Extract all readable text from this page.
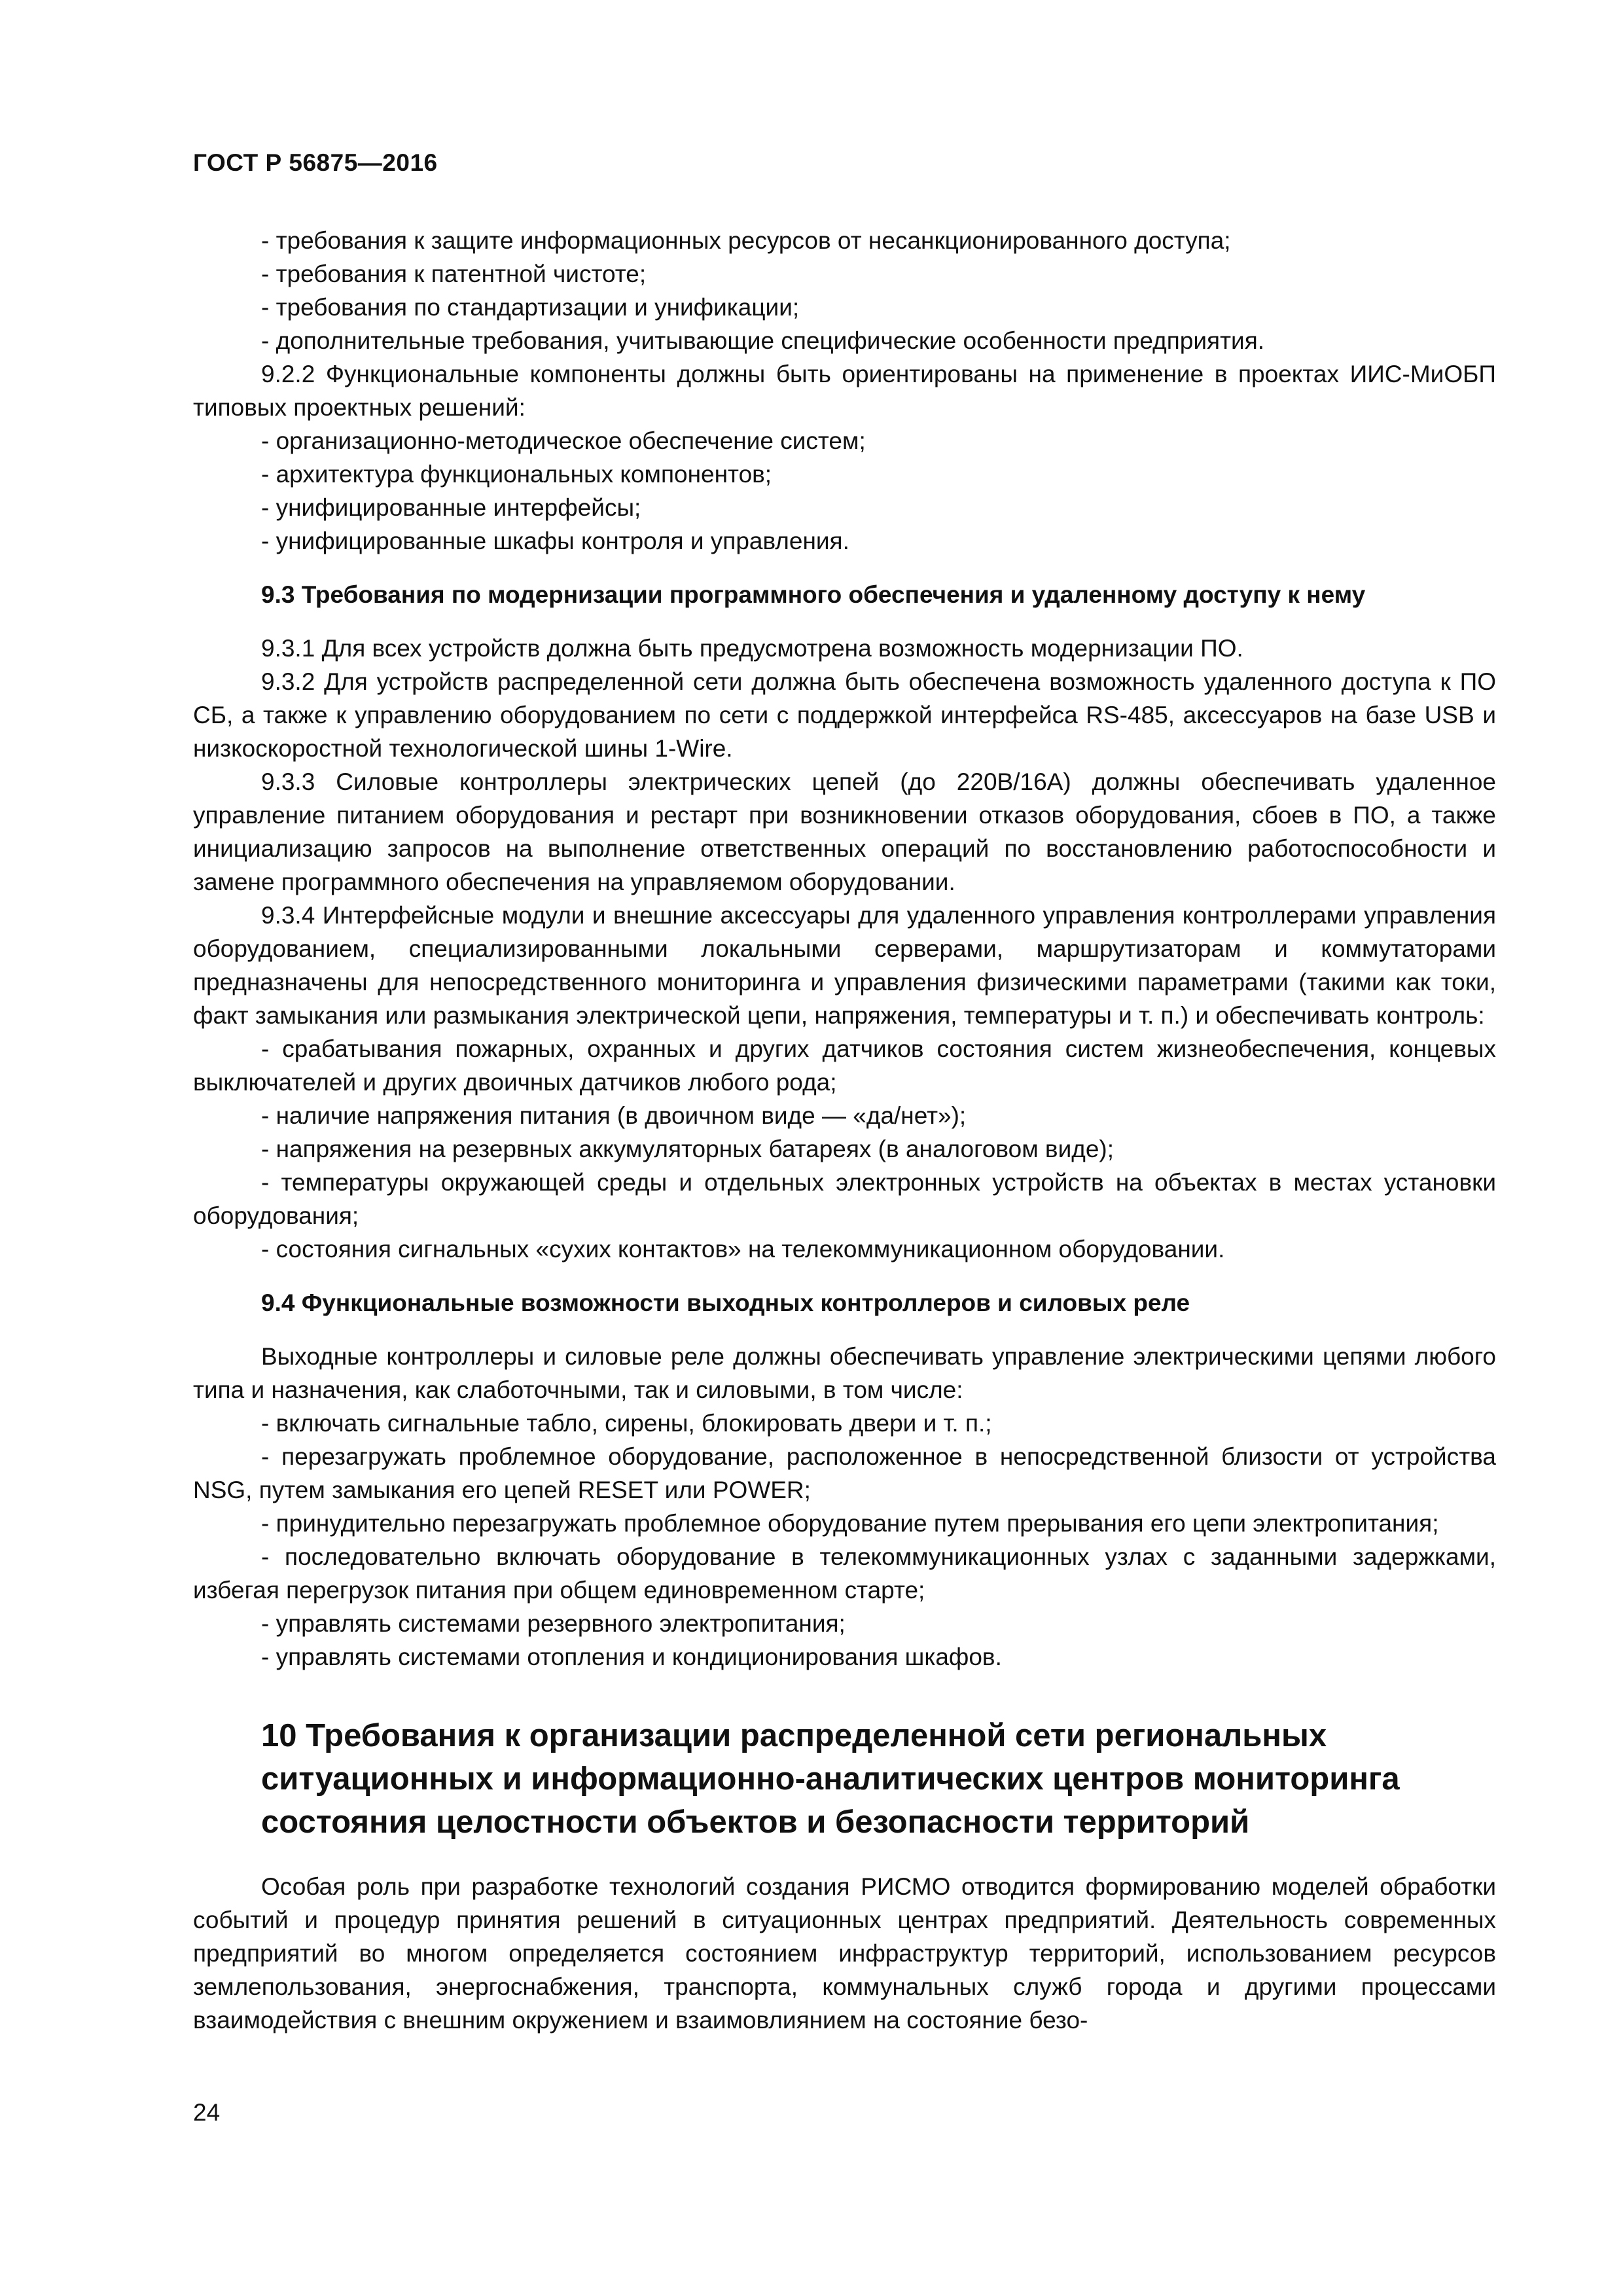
ГОСТ Р 56875—2016

- требования к защите информационных ресурсов от несанкционированного доступа;

- требования к патентной чистоте;

- требования по стандартизации и унификации;

- дополнительные требования, учитывающие специфические особенности предприятия.

9.2.2 Функциональные компоненты должны быть ориентированы на применение в проектах ИИС-МиОБП типовых проектных решений:

- организационно-методическое обеспечение систем;

- архитектура функциональных компонентов;

- унифицированные интерфейсы;

- унифицированные шкафы контроля и управления.

9.3 Требования по модернизации программного обеспечения и удаленному доступу к нему

9.3.1 Для всех устройств должна быть предусмотрена возможность модернизации ПО.

9.3.2 Для устройств распределенной сети должна быть обеспечена возможность удаленного доступа к ПО СБ, а также к управлению оборудованием по сети с поддержкой интерфейса RS-485, аксессуаров на базе USB и низкоскоростной технологической шины 1-Wire.

9.3.3 Силовые контроллеры электрических цепей (до 220В/16А) должны обеспечивать удаленное управление питанием оборудования и рестарт при возникновении отказов оборудования, сбоев в ПО, а также инициализацию запросов на выполнение ответственных операций по восстановлению работоспособности и замене программного обеспечения на управляемом оборудовании.

9.3.4 Интерфейсные модули и внешние аксессуары для удаленного управления контроллерами управления оборудованием, специализированными локальными серверами, маршрутизаторам и коммутаторами предназначены для непосредственного мониторинга и управления физическими параметрами (такими как токи, факт замыкания или размыкания электрической цепи, напряжения, температуры и т. п.) и обеспечивать контроль:

- срабатывания пожарных, охранных и других датчиков состояния систем жизнеобеспечения, концевых выключателей и других двоичных датчиков любого рода;

- наличие напряжения питания (в двоичном виде — «да/нет»);

- напряжения на резервных аккумуляторных батареях (в аналоговом виде);

- температуры окружающей среды и отдельных электронных устройств на объектах в местах установки оборудования;

- состояния сигнальных «сухих контактов» на телекоммуникационном оборудовании.

9.4 Функциональные возможности выходных контроллеров и силовых реле

Выходные контроллеры и силовые реле должны обеспечивать управление электрическими цепями любого типа и назначения, как слаботочными, так и силовыми, в том числе:

- включать сигнальные табло, сирены, блокировать двери и т. п.;

- перезагружать проблемное оборудование, расположенное в непосредственной близости от устройства NSG, путем замыкания его цепей RESET или POWER;

- принудительно перезагружать проблемное оборудование путем прерывания его цепи электропитания;

- последовательно включать оборудование в телекоммуникационных узлах с заданными задержками, избегая перегрузок питания при общем единовременном старте;

- управлять системами резервного электропитания;

- управлять системами отопления и кондиционирования шкафов.

10 Требования к организации распределенной сети региональных ситуационных и информационно-аналитических центров мониторинга состояния целостности объектов и безопасности территорий

Особая роль при разработке технологий создания РИСМО отводится формированию моделей обработки событий и процедур принятия решений в ситуационных центрах предприятий. Деятельность современных предприятий во многом определяется состоянием инфраструктур территорий, использованием ресурсов землепользования, энергоснабжения, транспорта, коммунальных служб города и другими процессами взаимодействия с внешним окружением и взаимовлиянием на состояние безо-

24
